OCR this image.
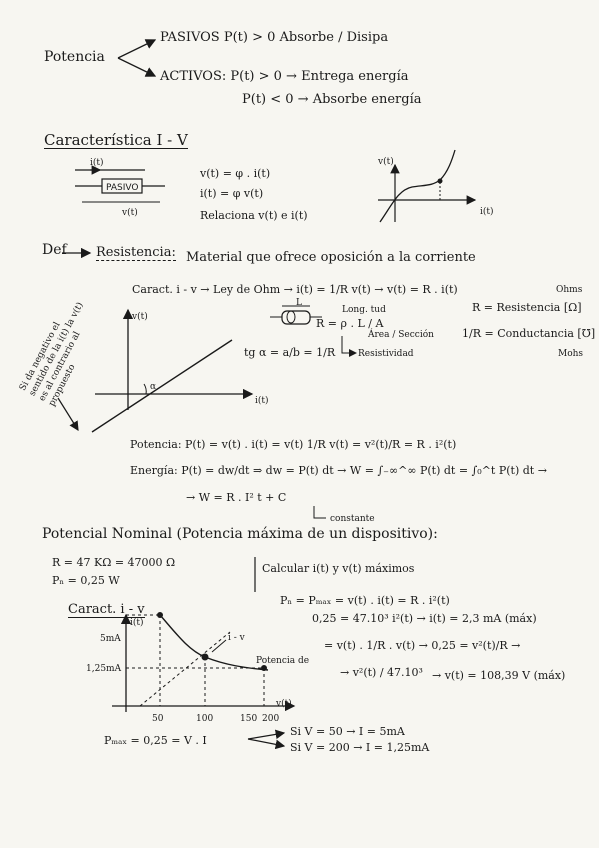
Potencia
PASIVOS P(t) > 0 Absorbe / Disipa
ACTIVOS: P(t) > 0 → Entrega energía
P(t) < 0 → Absorbe energía
Característica I - V
i(t)
PASIVO
v(t)
v(t) = φ . i(t)
i(t) = φ v(t)
Relaciona v(t) e i(t)
v(t)
i(t)
Def Resistencia: Material que ofrece oposición a la corriente
Caract. i - v → Ley de Ohm → i(t) = 1/R v(t) → v(t) = R . i(t)	Ohms
L
Long. tud
R = ρ . L / A
Área / Sección
Resistividad
R = Resistencia [Ω]
1/R = Conductancia [℧]
Mohs
tg α = a/b = 1/R
Si da negativo el sentido de la i(t) la v(t) es al contrario al propuesto
v(t)
i(t)
α
Potencia: P(t) = v(t) . i(t) = v(t) 1/R v(t) = v²(t)/R = R . i²(t)
Energía: P(t) = dw/dt ⇒ dw = P(t) dt → W = ∫₋∞^∞ P(t) dt = ∫₀^t P(t) dt →
→ W = R . I² t + C
constante
Potencial Nominal (Potencia máxima de un dispositivo):
R = 47 KΩ = 47000 Ω
Pₙ = 0,25 W
Calcular i(t) y v(t) máximos
Pₙ = Pₘₐₓ = v(t) . i(t) = R . i²(t)
0,25 = 47.10³ i²(t) → i(t) = 2,3 mA (máx)
= v(t) . 1/R . v(t) → 0,25 = v²(t)/R →
→ v²(t) / 47.10³ → v(t) = 108,39 V (máx)
Caract. i - v
i(t)
v(t)
5mA
1,25mA
50	100	150 200
i - v
Potencia de
Pₘₐₓ = 0,25 = V . I
Si V = 50 → I = 5mA
Si V = 200 → I = 1,25mA
